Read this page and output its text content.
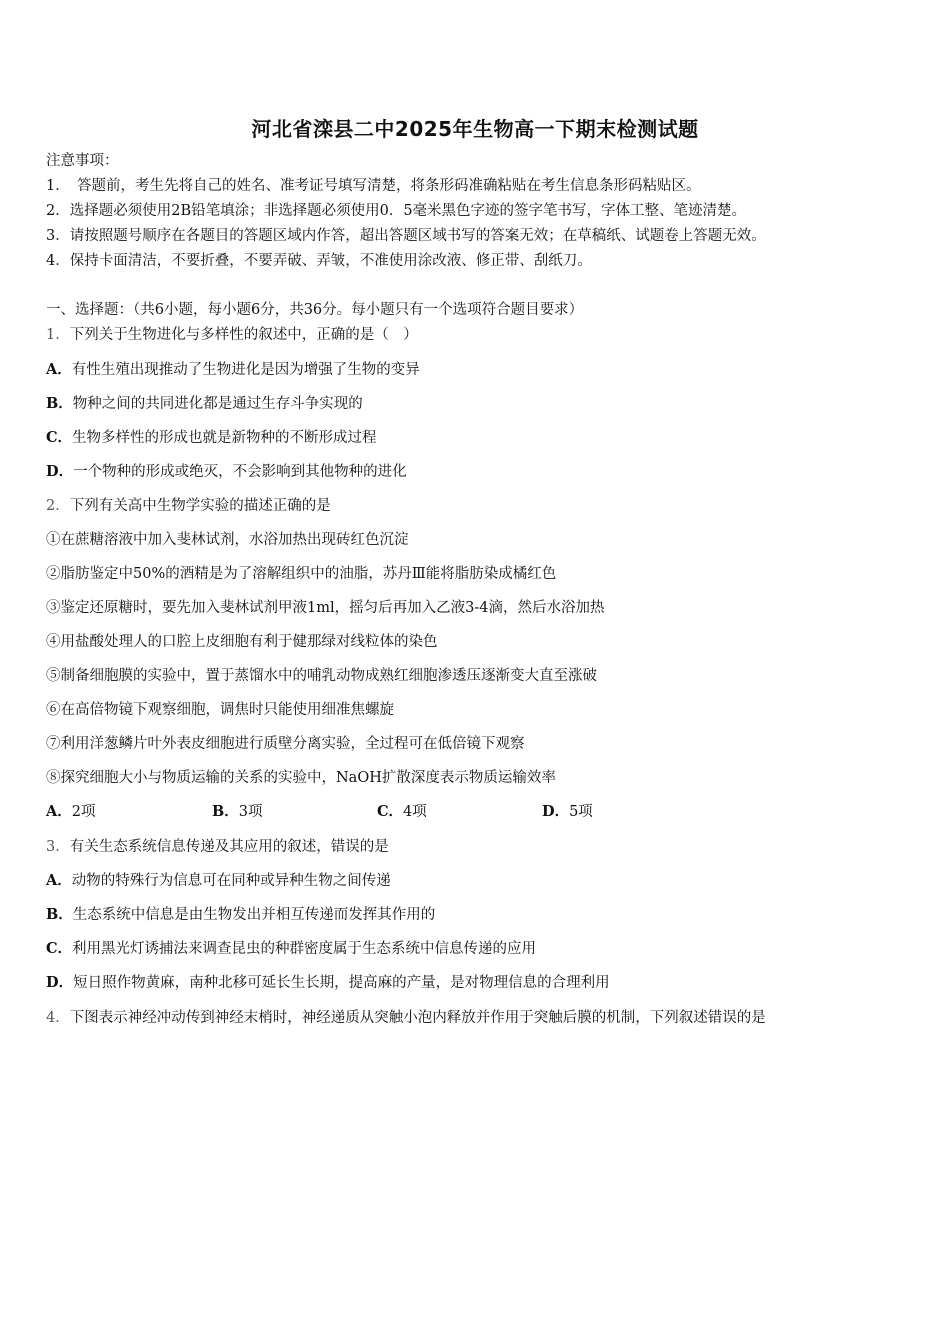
河北省滦县二中2025年生物高一下期末检测试题
注意事项：
1．　答题前，考生先将自己的姓名、准考证号填写清楚，将条形码准确粘贴在考生信息条形码粘贴区。
2．选择题必须使用2B铅笔填涂；非选择题必须使用0．5毫米黑色字迹的签字笔书写，字体工整、笔迹清楚。
3．请按照题号顺序在各题目的答题区域内作答，超出答题区域书写的答案无效；在草稿纸、试题卷上答题无效。
4．保持卡面清洁，不要折叠，不要弄破、弄皱，不准使用涂改液、修正带、刮纸刀。
一、选择题：（共6小题，每小题6分，共36分。每小题只有一个选项符合题目要求）
1．下列关于生物进化与多样性的叙述中，正确的是（　）
A．有性生殖出现推动了生物进化是因为增强了生物的变异
B．物种之间的共同进化都是通过生存斗争实现的
C．生物多样性的形成也就是新物种的不断形成过程
D．一个物种的形成或绝灭，不会影响到其他物种的进化
2．下列有关高中生物学实验的描述正确的是
①在蔗糖溶液中加入斐林试剂，水浴加热出现砖红色沉淀
②脂肪鉴定中50%的酒精是为了溶解组织中的油脂，苏丹Ⅲ能将脂肪染成橘红色
③鉴定还原糖时，要先加入斐林试剂甲液1ml，摇匀后再加入乙液3-4滴，然后水浴加热
④用盐酸处理人的口腔上皮细胞有利于健那绿对线粒体的染色
⑤制备细胞膜的实验中，置于蒸馏水中的哺乳动物成熟红细胞渗透压逐渐变大直至涨破
⑥在高倍物镜下观察细胞，调焦时只能使用细准焦螺旋
⑦利用洋葱鳞片叶外表皮细胞进行质壁分离实验，全过程可在低倍镜下观察
⑧探究细胞大小与物质运输的关系的实验中，NaOH扩散深度表示物质运输效率
A．2项	B．3项	C．4项	D．5项
3．有关生态系统信息传递及其应用的叙述，错误的是
A．动物的特殊行为信息可在同种或异种生物之间传递
B．生态系统中信息是由生物发出并相互传递而发挥其作用的
C．利用黑光灯诱捕法来调查昆虫的种群密度属于生态系统中信息传递的应用
D．短日照作物黄麻，南种北移可延长生长期，提高麻的产量，是对物理信息的合理利用
4．下图表示神经冲动传到神经末梢时，神经递质从突触小泡内释放并作用于突触后膜的机制，下列叙述错误的是
